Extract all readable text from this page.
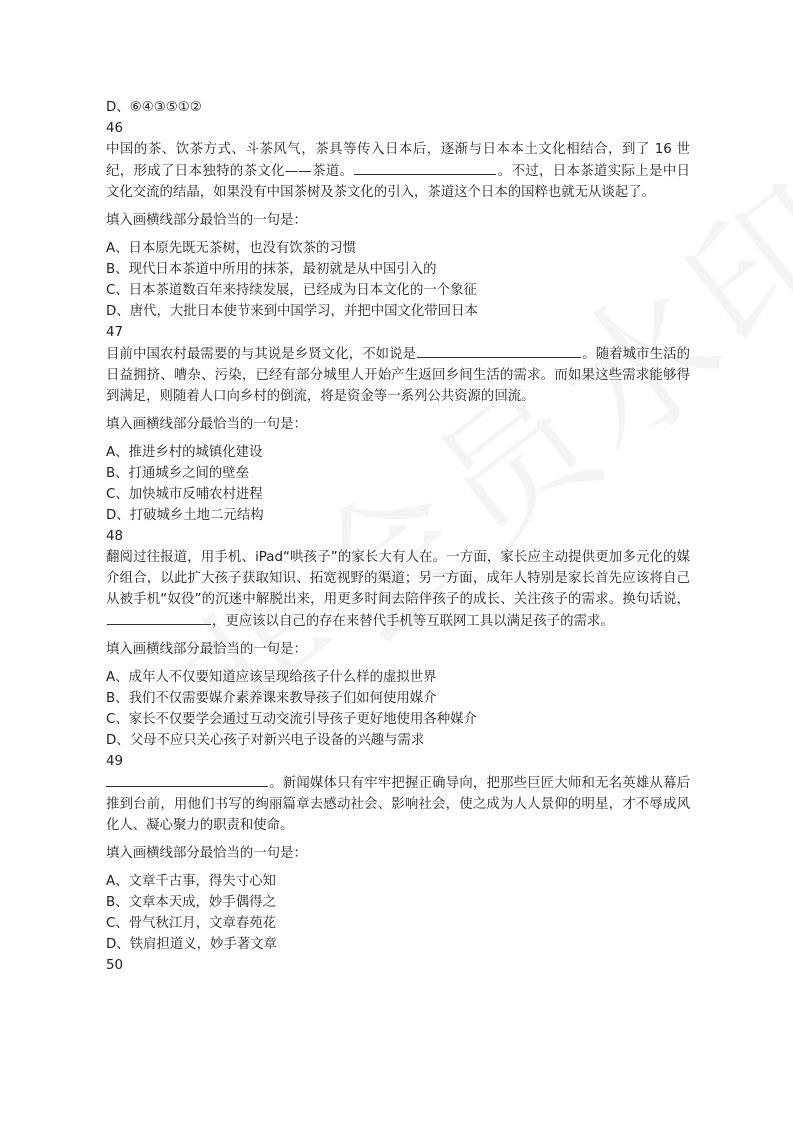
D、⑥④③⑤①②
46
中国的茶、饮茶方式、斗茶风气，茶具等传入日本后，逐渐与日本本土文化相结合，到了 16 世纪，形成了日本独特的茶文化——茶道。	。不过，日本茶道实际上是中日文化交流的结晶，如果没有中国茶树及茶文化的引入，茶道这个日本的国粹也就无从谈起了。
填入画横线部分最恰当的一句是：
A、日本原先既无茶树，也没有饮茶的习惯
B、现代日本茶道中所用的抹茶，最初就是从中国引入的
C、日本茶道数百年来持续发展，已经成为日本文化的一个象征
D、唐代，大批日本使节来到中国学习，并把中国文化带回日本
47
目前中国农村最需要的与其说是乡贤文化，不如说是	。随着城市生活的日益拥挤、嘈杂、污染，已经有部分城里人开始产生返回乡间生活的需求。而如果这些需求能够得到满足，则随着人口向乡村的倒流，将是资金等一系列公共资源的回流。
填入画横线部分最恰当的一句是：
A、推进乡村的城镇化建设
B、打通城乡之间的壁垒
C、加快城市反哺农村进程
D、打破城乡土地二元结构
48
翻阅过往报道，用手机、iPad“哄孩子”的家长大有人在。一方面，家长应主动提供更加多元化的媒介组合，以此扩大孩子获取知识、拓宽视野的渠道；另一方面，成年人特别是家长首先应该将自己从被手机“奴役”的沉迷中解脱出来，用更多时间去陪伴孩子的成长、关注孩子的需求。换句话说，，更应该以自己的存在来替代手机等互联网工具以满足孩子的需求。
填入画横线部分最恰当的一句是：
A、成年人不仅要知道应该呈现给孩子什么样的虚拟世界
B、我们不仅需要媒介素养课来教导孩子们如何使用媒介
C、家长不仅要学会通过互动交流引导孩子更好地使用各种媒介
D、父母不应只关心孩子对新兴电子设备的兴趣与需求
49
。新闻媒体只有牢牢把握正确导向，把那些巨匠大师和无名英雄从幕后推到台前，用他们书写的绚丽篇章去感动社会、影响社会，使之成为人人景仰的明星，才不辱成风化人、凝心聚力的职责和使命。
填入画横线部分最恰当的一句是：
A、文章千古事，得失寸心知
B、文章本天成，妙手偶得之
C、骨气秋江月，文章春苑花
D、铁肩担道义，妙手著文章
50
